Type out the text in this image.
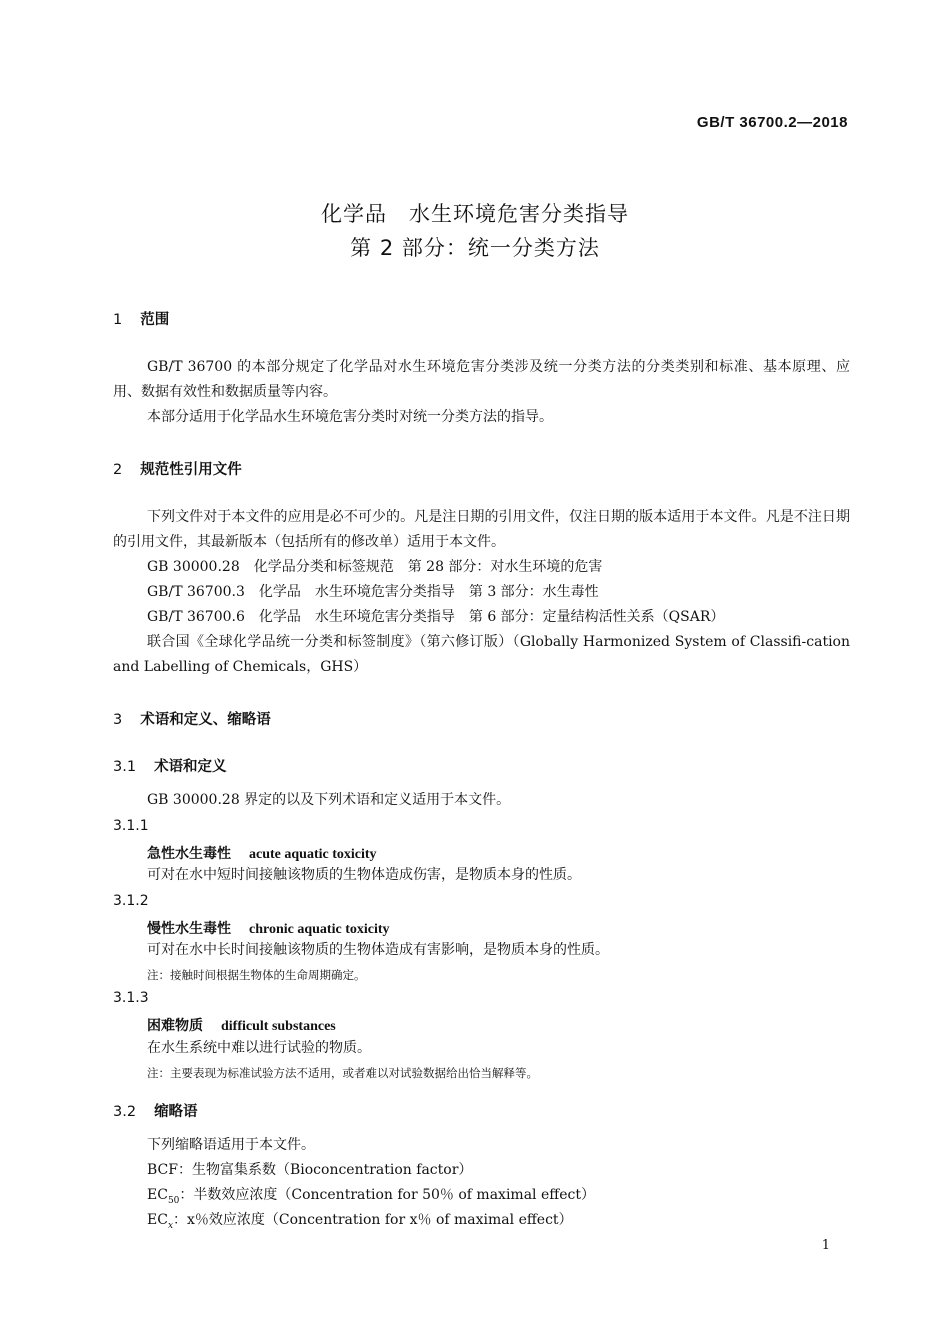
GB/T 36700.2—2018
化学品　水生环境危害分类指导
第 2 部分：统一分类方法
1 范围
GB/T 36700 的本部分规定了化学品对水生环境危害分类涉及统一分类方法的分类类别和标准、基本原理、应用、数据有效性和数据质量等内容。
本部分适用于化学品水生环境危害分类时对统一分类方法的指导。
2 规范性引用文件
下列文件对于本文件的应用是必不可少的。凡是注日期的引用文件，仅注日期的版本适用于本文件。凡是不注日期的引用文件，其最新版本（包括所有的修改单）适用于本文件。
GB 30000.28　化学品分类和标签规范　第 28 部分：对水生环境的危害
GB/T 36700.3　化学品　水生环境危害分类指导　第 3 部分：水生毒性
GB/T 36700.6　化学品　水生环境危害分类指导　第 6 部分：定量结构活性关系（QSAR）
联合国《全球化学品统一分类和标签制度》（第六修订版）（Globally Harmonized System of Classifi-cation and Labelling of Chemicals，GHS）
3 术语和定义、缩略语
3.1 术语和定义
GB 30000.28 界定的以及下列术语和定义适用于本文件。
3.1.1
急性水生毒性 acute aquatic toxicity
可对在水中短时间接触该物质的生物体造成伤害，是物质本身的性质。
3.1.2
慢性水生毒性 chronic aquatic toxicity
可对在水中长时间接触该物质的生物体造成有害影响，是物质本身的性质。
注：接触时间根据生物体的生命周期确定。
3.1.3
困难物质 difficult substances
在水生系统中难以进行试验的物质。
注：主要表现为标准试验方法不适用，或者难以对试验数据给出恰当解释等。
3.2 缩略语
下列缩略语适用于本文件。
BCF：生物富集系数（Bioconcentration factor）
$EC_{50}$：半数效应浓度（Concentration for 50％ of maximal effect）
$EC_x$：x％效应浓度（Concentration for x％ of maximal effect）
1
